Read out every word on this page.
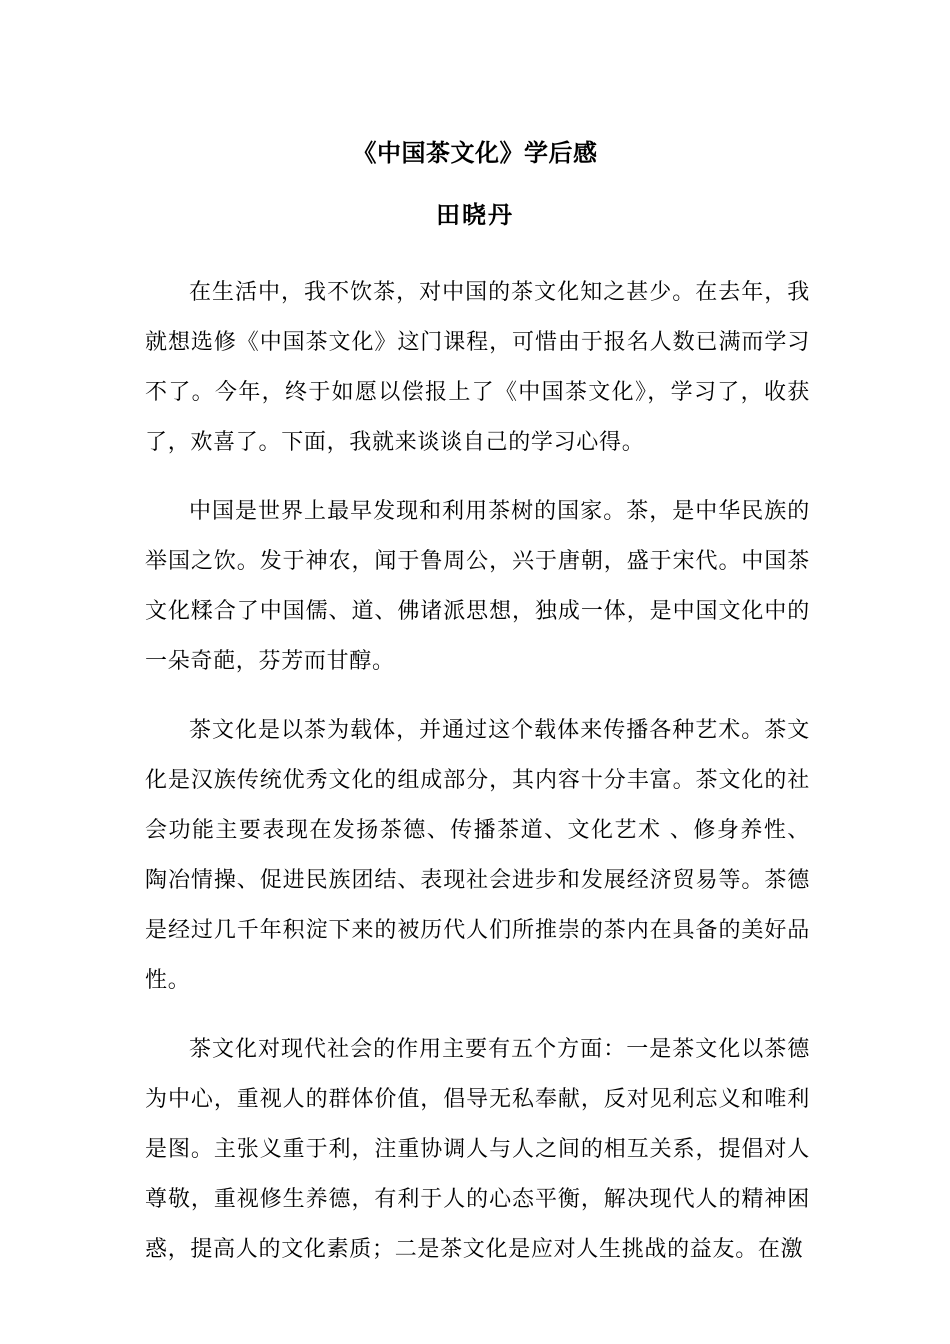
《中国茶文化》学后感
田晓丹

在生活中，我不饮茶，对中国的茶文化知之甚少。在去年，我就想选修《中国茶文化》这门课程，可惜由于报名人数已满而学习不了。今年，终于如愿以偿报上了《中国茶文化》，学习了，收获了，欢喜了。下面，我就来谈谈自己的学习心得。

中国是世界上最早发现和利用茶树的国家。茶，是中华民族的举国之饮。发于神农，闻于鲁周公，兴于唐朝，盛于宋代。中国茶文化糅合了中国儒、道、佛诸派思想，独成一体，是中国文化中的一朵奇葩，芬芳而甘醇。

茶文化是以茶为载体，并通过这个载体来传播各种艺术。茶文化是汉族传统优秀文化的组成部分，其内容十分丰富。茶文化的社会功能主要表现在发扬茶德、传播茶道、文化艺术 、修身养性、陶冶情操、促进民族团结、表现社会进步和发展经济贸易等。茶德是经过几千年积淀下来的被历代人们所推崇的茶内在具备的美好品性。

茶文化对现代社会的作用主要有五个方面：一是茶文化以茶德为中心，重视人的群体价值，倡导无私奉献，反对见利忘义和唯利是图。主张义重于利，注重协调人与人之间的相互关系，提倡对人尊敬，重视修生养德，有利于人的心态平衡，解决现代人的精神困惑，提高人的文化素质；二是茶文化是应对人生挑战的益友。在激
